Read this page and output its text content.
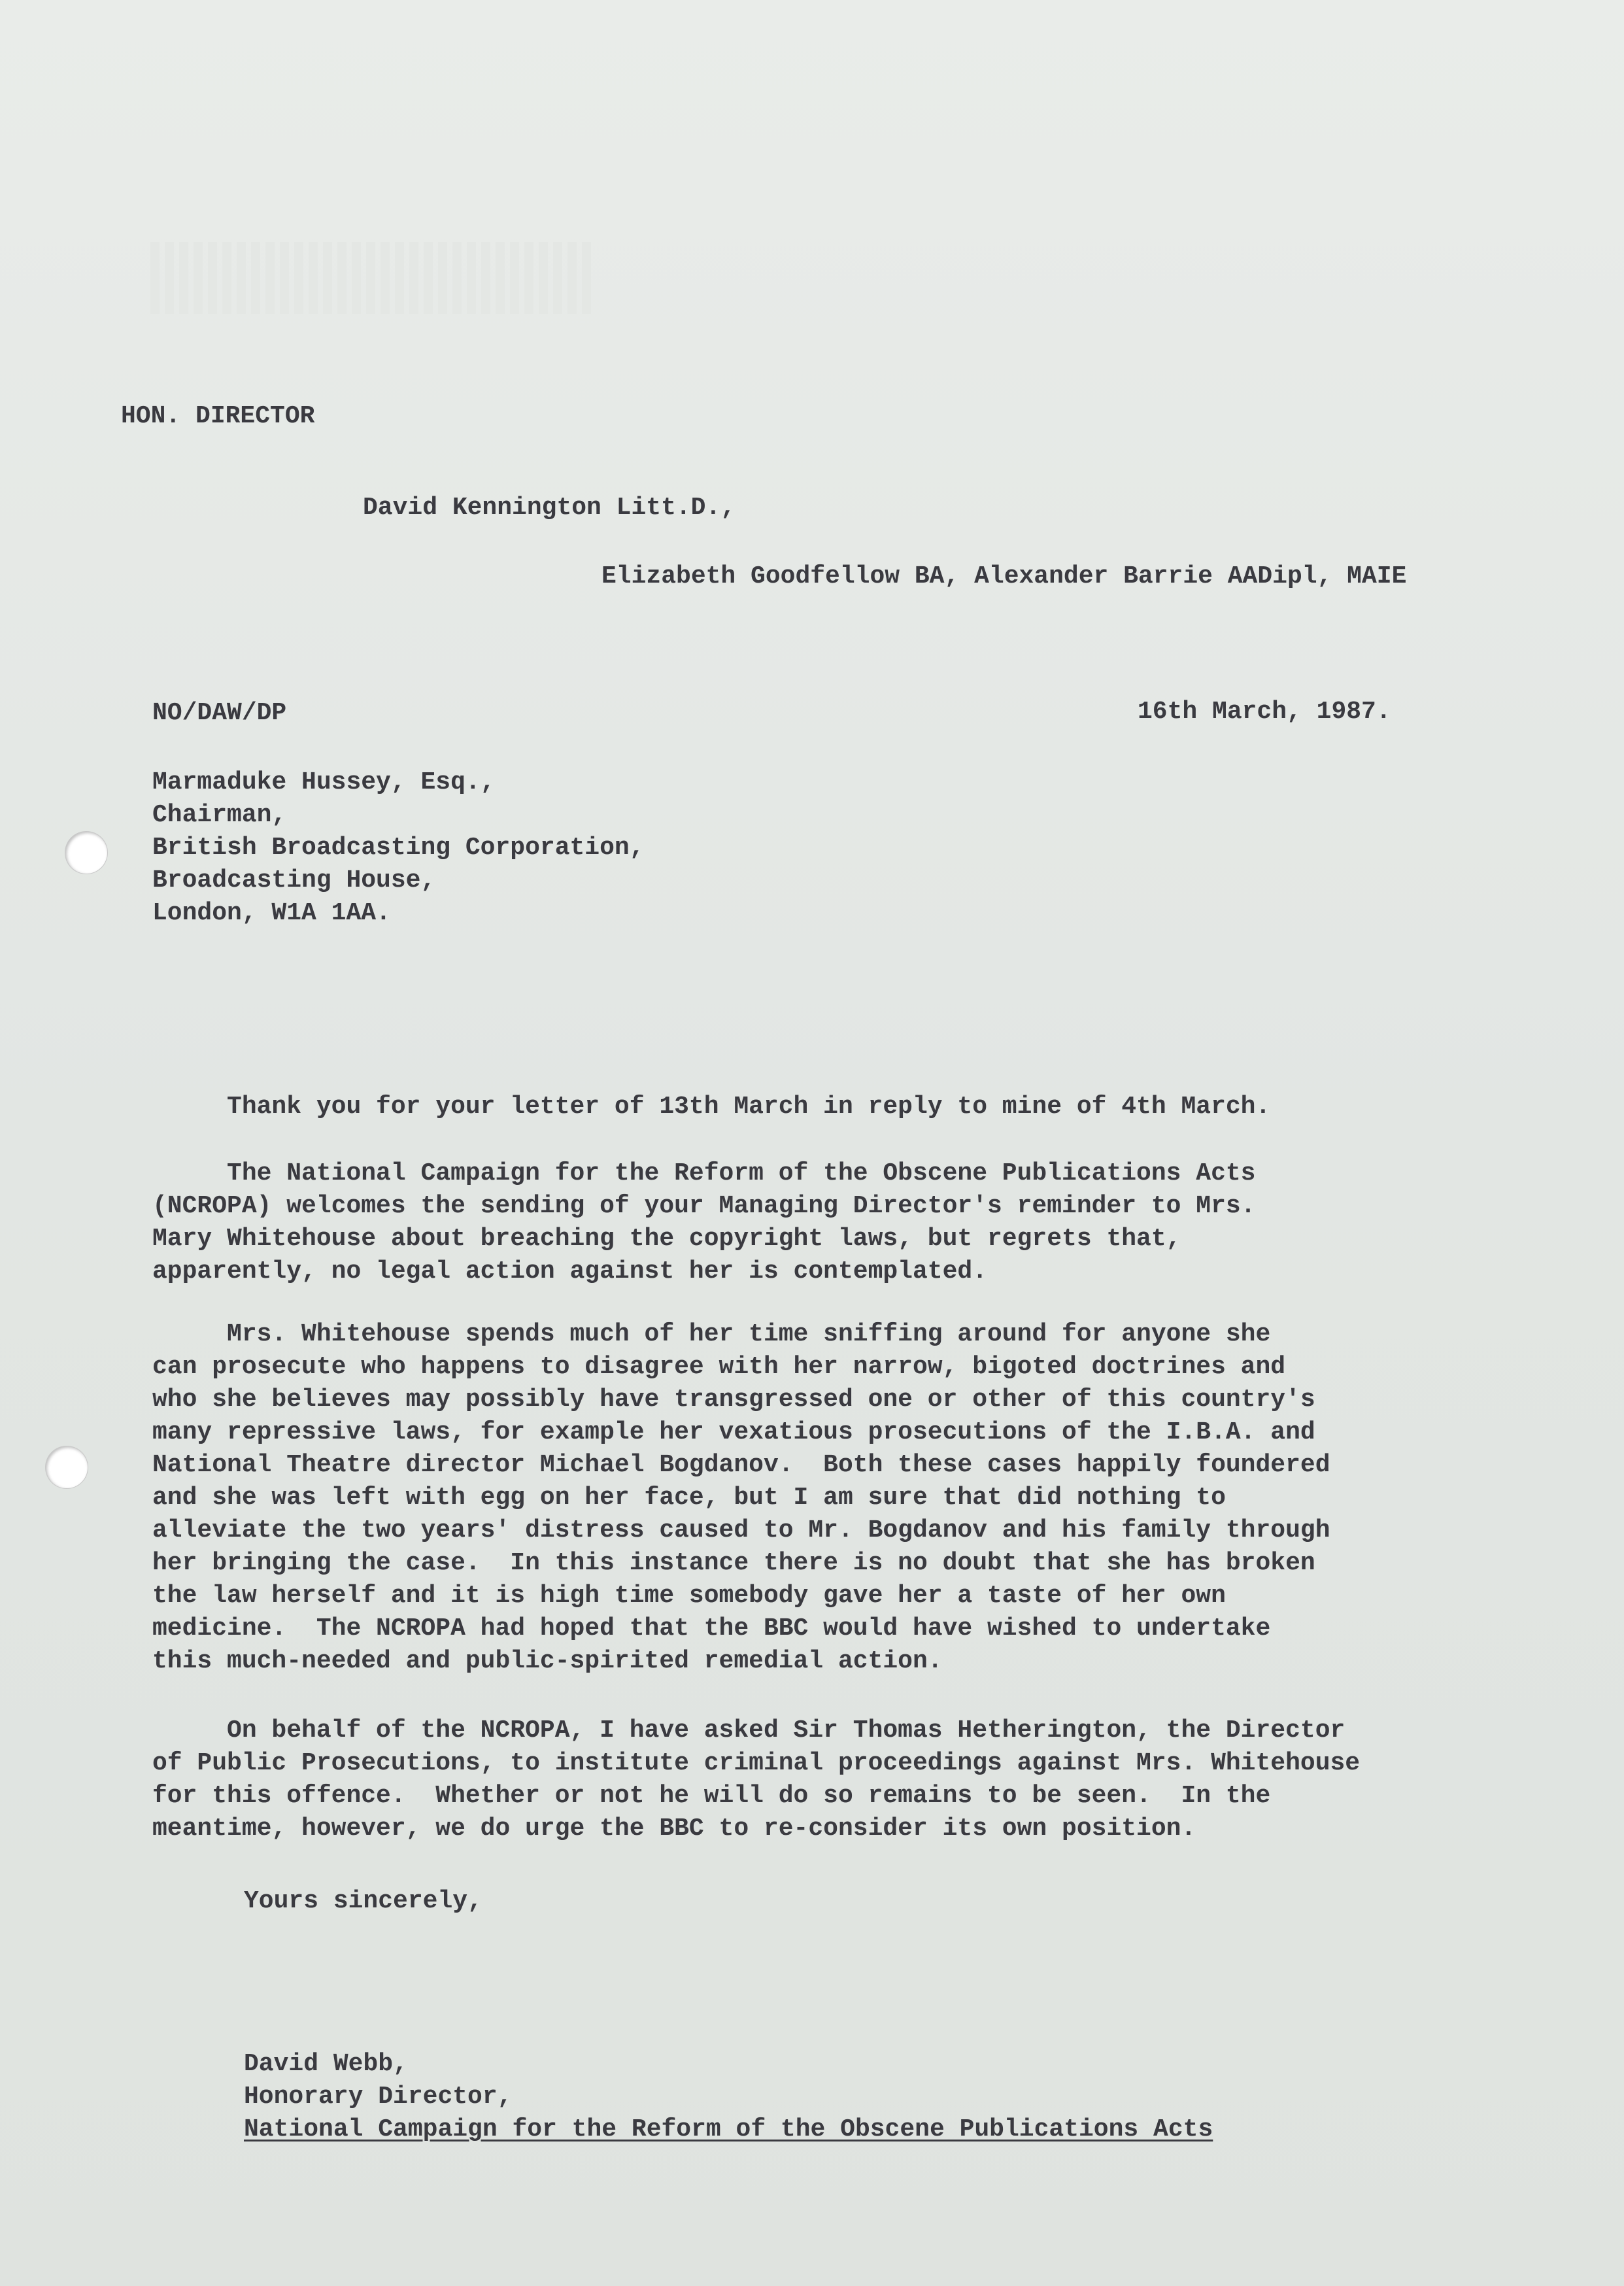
HON. DIRECTOR

David Kennington Litt.D.,

Elizabeth Goodfellow BA, Alexander Barrie AADipl, MAIE

NO/DAW/DP	16th March, 1987.

Marmaduke Hussey, Esq.,
Chairman,
British Broadcasting Corporation,
Broadcasting House,
London, W1A 1AA.
Thank you for your letter of 13th March in reply to mine of 4th March.
The National Campaign for the Reform of the Obscene Publications Acts
(NCROPA) welcomes the sending of your Managing Director's reminder to Mrs.
Mary Whitehouse about breaching the copyright laws, but regrets that,
apparently, no legal action against her is contemplated.
Mrs. Whitehouse spends much of her time sniffing around for anyone she
can prosecute who happens to disagree with her narrow, bigoted doctrines and
who she believes may possibly have transgressed one or other of this country's
many repressive laws, for example her vexatious prosecutions of the I.B.A. and
National Theatre director Michael Bogdanov.  Both these cases happily foundered
and she was left with egg on her face, but I am sure that did nothing to
alleviate the two years' distress caused to Mr. Bogdanov and his family through
her bringing the case.  In this instance there is no doubt that she has broken
the law herself and it is high time somebody gave her a taste of her own
medicine.  The NCROPA had hoped that the BBC would have wished to undertake
this much-needed and public-spirited remedial action.
On behalf of the NCROPA, I have asked Sir Thomas Hetherington, the Director
of Public Prosecutions, to institute criminal proceedings against Mrs. Whitehouse
for this offence.  Whether or not he will do so remains to be seen.  In the
meantime, however, we do urge the BBC to re-consider its own position.

Yours sincerely,

David Webb,
Honorary Director,
National Campaign for the Reform of the Obscene Publications Acts
